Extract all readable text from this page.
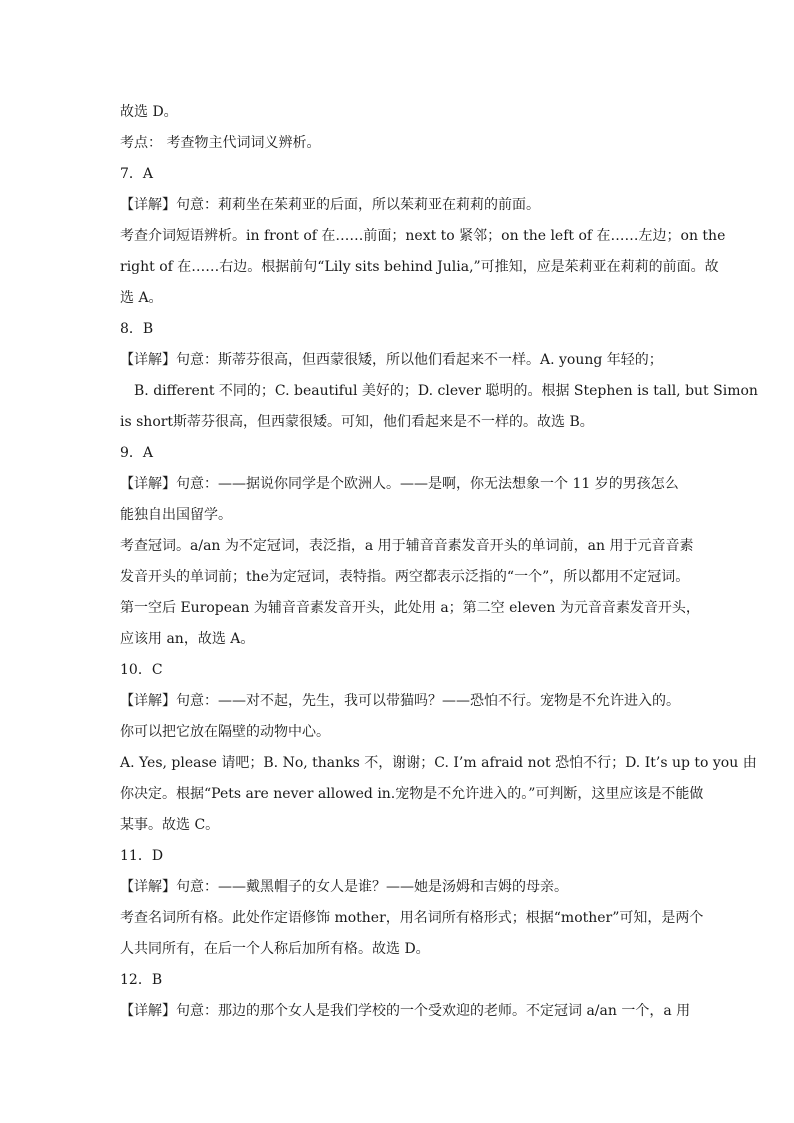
故选 D。
考点： 考查物主代词词义辨析。
7．A
【详解】句意：莉莉坐在茱莉亚的后面，所以茱莉亚在莉莉的前面。
考查介词短语辨析。in front of 在……前面；next to 紧邻；on the left of 在……左边；on the
right of 在……右边。根据前句“Lily sits behind Julia,”可推知，应是茱莉亚在莉莉的前面。故
选 A。
8．B
【详解】句意：斯蒂芬很高，但西蒙很矮，所以他们看起来不一样。A. young 年轻的；
B. different 不同的；C. beautiful 美好的；D. clever 聪明的。根据 Stephen is tall, but Simon
is short斯蒂芬很高，但西蒙很矮。可知，他们看起来是不一样的。故选 B。
9．A
【详解】句意：——据说你同学是个欧洲人。——是啊，你无法想象一个 11 岁的男孩怎么
能独自出国留学。
考查冠词。a/an 为不定冠词，表泛指，a 用于辅音音素发音开头的单词前，an 用于元音音素
发音开头的单词前；the为定冠词，表特指。两空都表示泛指的“一个”，所以都用不定冠词。
第一空后 European 为辅音音素发音开头，此处用 a；第二空 eleven 为元音音素发音开头，
应该用 an，故选 A。
10．C
【详解】句意：——对不起，先生，我可以带猫吗？——恐怕不行。宠物是不允许进入的。
你可以把它放在隔壁的动物中心。
A. Yes, please 请吧；B. No, thanks 不，谢谢；C. I’m afraid not 恐怕不行；D. It’s up to you 由
你决定。根据“Pets are never allowed in.宠物是不允许进入的。”可判断，这里应该是不能做
某事。故选 C。
11．D
【详解】句意：——戴黑帽子的女人是谁？——她是汤姆和吉姆的母亲。
考查名词所有格。此处作定语修饰 mother，用名词所有格形式；根据“mother”可知，是两个
人共同所有，在后一个人称后加所有格。故选 D。
12．B
【详解】句意：那边的那个女人是我们学校的一个受欢迎的老师。不定冠词 a/an 一个，a 用
